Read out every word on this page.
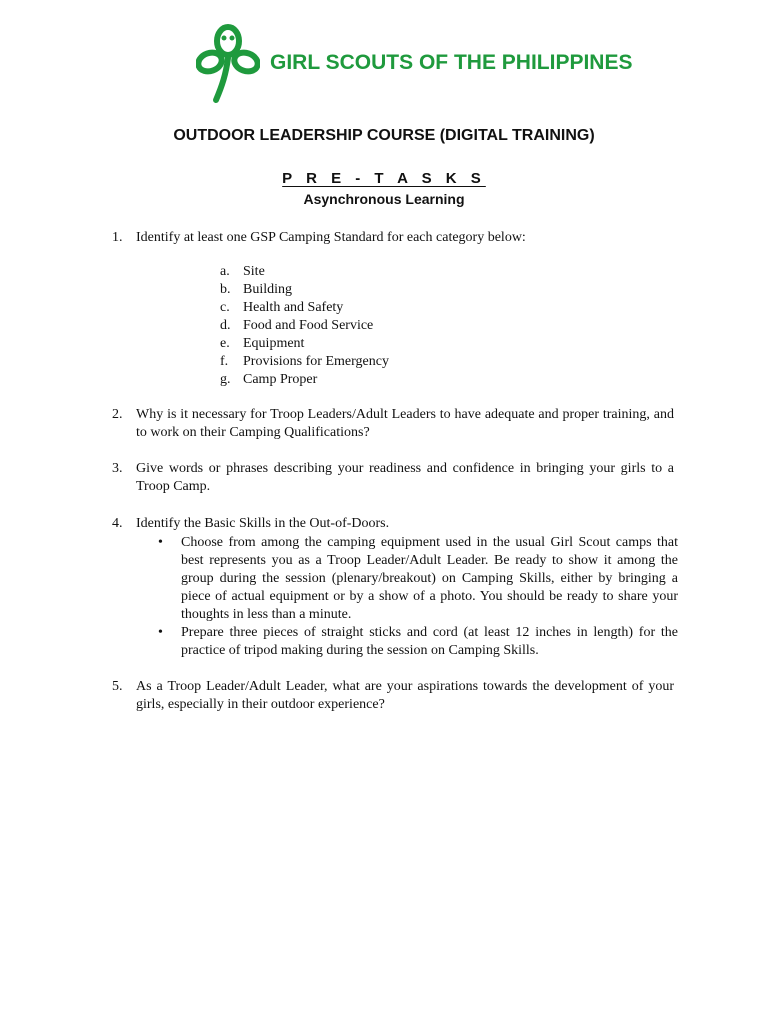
GIRL SCOUTS OF THE PHILIPPINES
OUTDOOR LEADERSHIP COURSE (DIGITAL TRAINING)
P R E - T A S K S
Asynchronous Learning
1. Identify at least one GSP Camping Standard for each category below:
a. Site
b. Building
c. Health and Safety
d. Food and Food Service
e. Equipment
f. Provisions for Emergency
g. Camp Proper
2. Why is it necessary for Troop Leaders/Adult Leaders to have adequate and proper training, and to work on their Camping Qualifications?
3. Give words or phrases describing your readiness and confidence in bringing your girls to a Troop Camp.
4. Identify the Basic Skills in the Out-of-Doors.
• Choose from among the camping equipment used in the usual Girl Scout camps that best represents you as a Troop Leader/Adult Leader. Be ready to show it among the group during the session (plenary/breakout) on Camping Skills, either by bringing a piece of actual equipment or by a show of a photo. You should be ready to share your thoughts in less than a minute.
• Prepare three pieces of straight sticks and cord (at least 12 inches in length) for the practice of tripod making during the session on Camping Skills.
5. As a Troop Leader/Adult Leader, what are your aspirations towards the development of your girls, especially in their outdoor experience?
